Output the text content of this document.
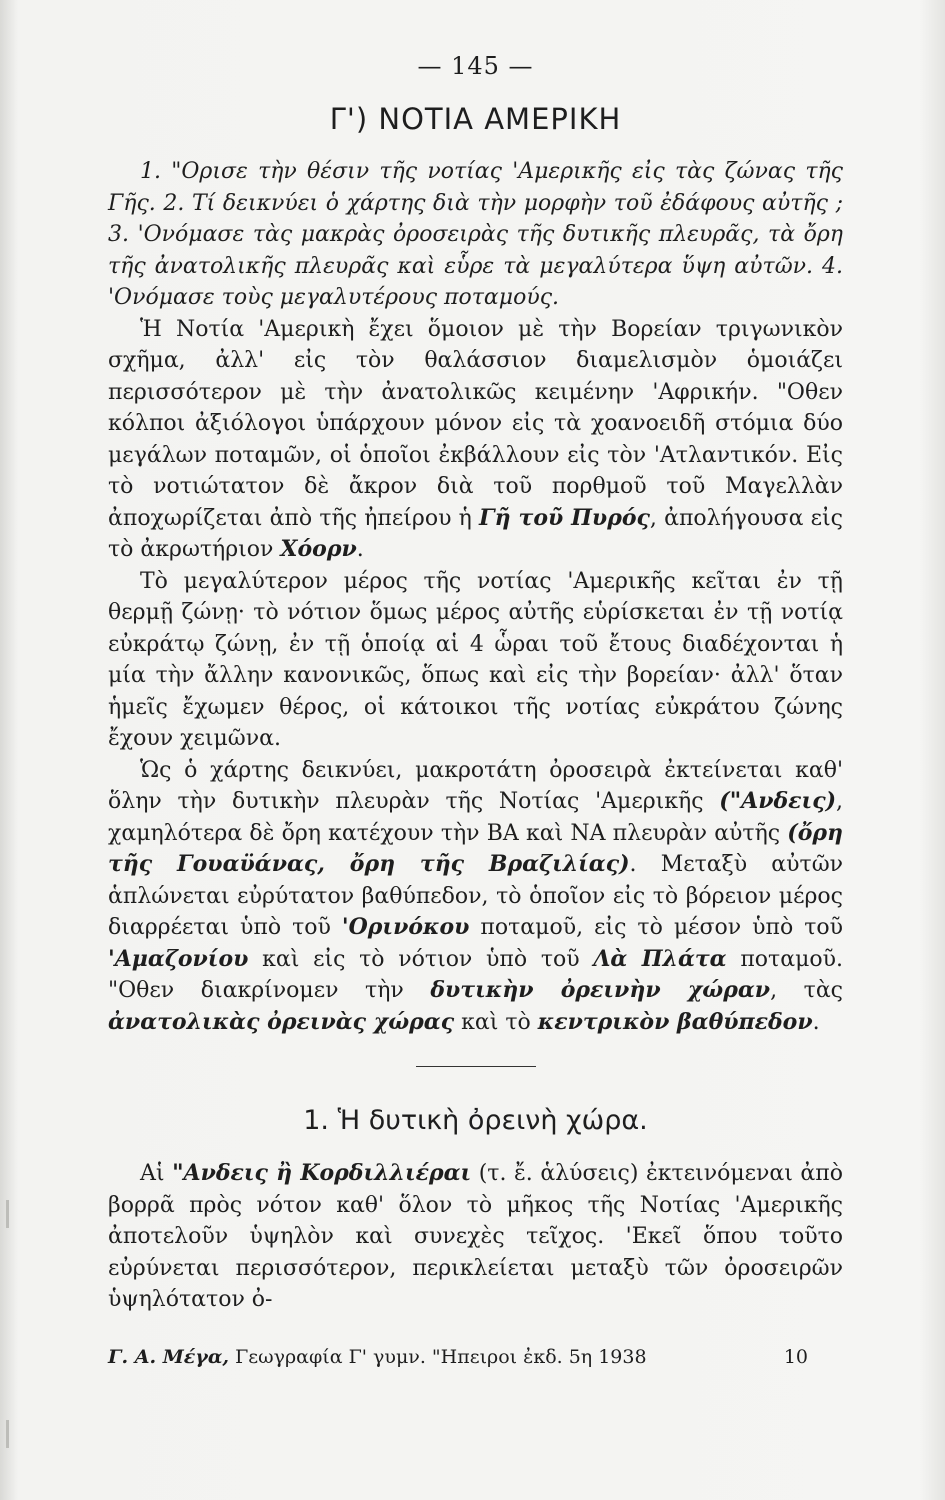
— 145 —
Γ') ΝΟΤΙΑ ΑΜΕΡΙΚΗ

1. "Ορισε τὴν θέσιν τῆς νοτίας 'Αμερικῆς εἰς τὰς ζώνας τῆς Γῆς. 2. Τί δεικνύει ὁ χάρτης διὰ τὴν μορφὴν τοῦ ἐδάφους αὐτῆς ; 3. 'Ονόμασε τὰς μακρὰς ὀροσειρὰς τῆς δυτικῆς πλευρᾶς, τὰ ὄρη τῆς ἀνατολικῆς πλευρᾶς καὶ εὗρε τὰ μεγαλύτερα ὕψη αὐτῶν. 4. 'Ονόμασε τοὺς μεγαλυτέρους ποταμούς.

Ἡ Νοτία 'Αμερικὴ ἔχει ὅμοιον μὲ τὴν Βορείαν τριγωνικὸν σχῆμα, ἀλλ' εἰς τὸν θαλάσσιον διαμελισμὸν ὁμοιάζει περισσότερον μὲ τὴν ἀνατολικῶς κειμένην 'Αφρικήν. "Οθεν κόλποι ἀξιόλογοι ὑπάρχουν μόνον εἰς τὰ χοανοειδῆ στόμια δύο μεγάλων ποταμῶν, οἱ ὁποῖοι ἐκβάλλουν εἰς τὸν 'Ατλαντικόν. Εἰς τὸ νοτιώτατον δὲ ἄκρον διὰ τοῦ πορθμοῦ τοῦ Μαγελλὰν ἀποχωρίζεται ἀπὸ τῆς ἠπείρου ἡ Γῆ τοῦ Πυρός, ἀπολήγουσα εἰς τὸ ἀκρωτήριον Χόορν.

Τὸ μεγαλύτερον μέρος τῆς νοτίας 'Αμερικῆς κεῖται ἐν τῇ θερμῇ ζώνῃ· τὸ νότιον ὅμως μέρος αὐτῆς εὑρίσκεται ἐν τῇ νοτίᾳ εὐκράτῳ ζώνῃ, ἐν τῇ ὁποίᾳ αἱ 4 ὧραι τοῦ ἔτους διαδέχονται ἡ μία τὴν ἄλλην κανονικῶς, ὅπως καὶ εἰς τὴν βορείαν· ἀλλ' ὅταν ἡμεῖς ἔχωμεν θέρος, οἱ κάτοικοι τῆς νοτίας εὐκράτου ζώνης ἔχουν χειμῶνα.

Ὡς ὁ χάρτης δεικνύει, μακροτάτη ὀροσειρὰ ἐκτείνεται καθ' ὅλην τὴν δυτικὴν πλευρὰν τῆς Νοτίας 'Αμερικῆς ("Ανδεις), χαμηλότερα δὲ ὄρη κατέχουν τὴν ΒΑ καὶ ΝΑ πλευρὰν αὐτῆς (ὄρη τῆς Γουαϋάνας, ὄρη τῆς Βραζιλίας). Μεταξὺ αὐτῶν ἁπλώνεται εὐρύτατον βαθύπεδον, τὸ ὁποῖον εἰς τὸ βόρειον μέρος διαρρέεται ὑπὸ τοῦ 'Ορινόκου ποταμοῦ, εἰς τὸ μέσον ὑπὸ τοῦ 'Αμαζονίου καὶ εἰς τὸ νότιον ὑπὸ τοῦ Λὰ Πλάτα ποταμοῦ. "Οθεν διακρίνομεν τὴν δυτικὴν ὀρεινὴν χώραν, τὰς ἀνατολικὰς ὀρεινὰς χώρας καὶ τὸ κεντρικὸν βαθύπεδον.

1. Ἡ δυτικὴ ὀρεινὴ χώρα.

Αἱ "Ανδεις ἢ Κορδιλλιέραι (τ. ἔ. ἁλύσεις) ἐκτεινόμεναι ἀπὸ βορρᾶ πρὸς νότον καθ' ὅλον τὸ μῆκος τῆς Νοτίας 'Αμερικῆς ἀποτελοῦν ὑψηλὸν καὶ συνεχὲς τεῖχος. 'Εκεῖ ὅπου τοῦτο εὐρύνεται περισσότερον, περικλείεται μεταξὺ τῶν ὀροσειρῶν ὑψηλότατον ὀ-

Γ. Α. Μέγα, Γεωγραφία Γ' γυμν. "Ηπειροι ἐκδ. 5η 1938	10
